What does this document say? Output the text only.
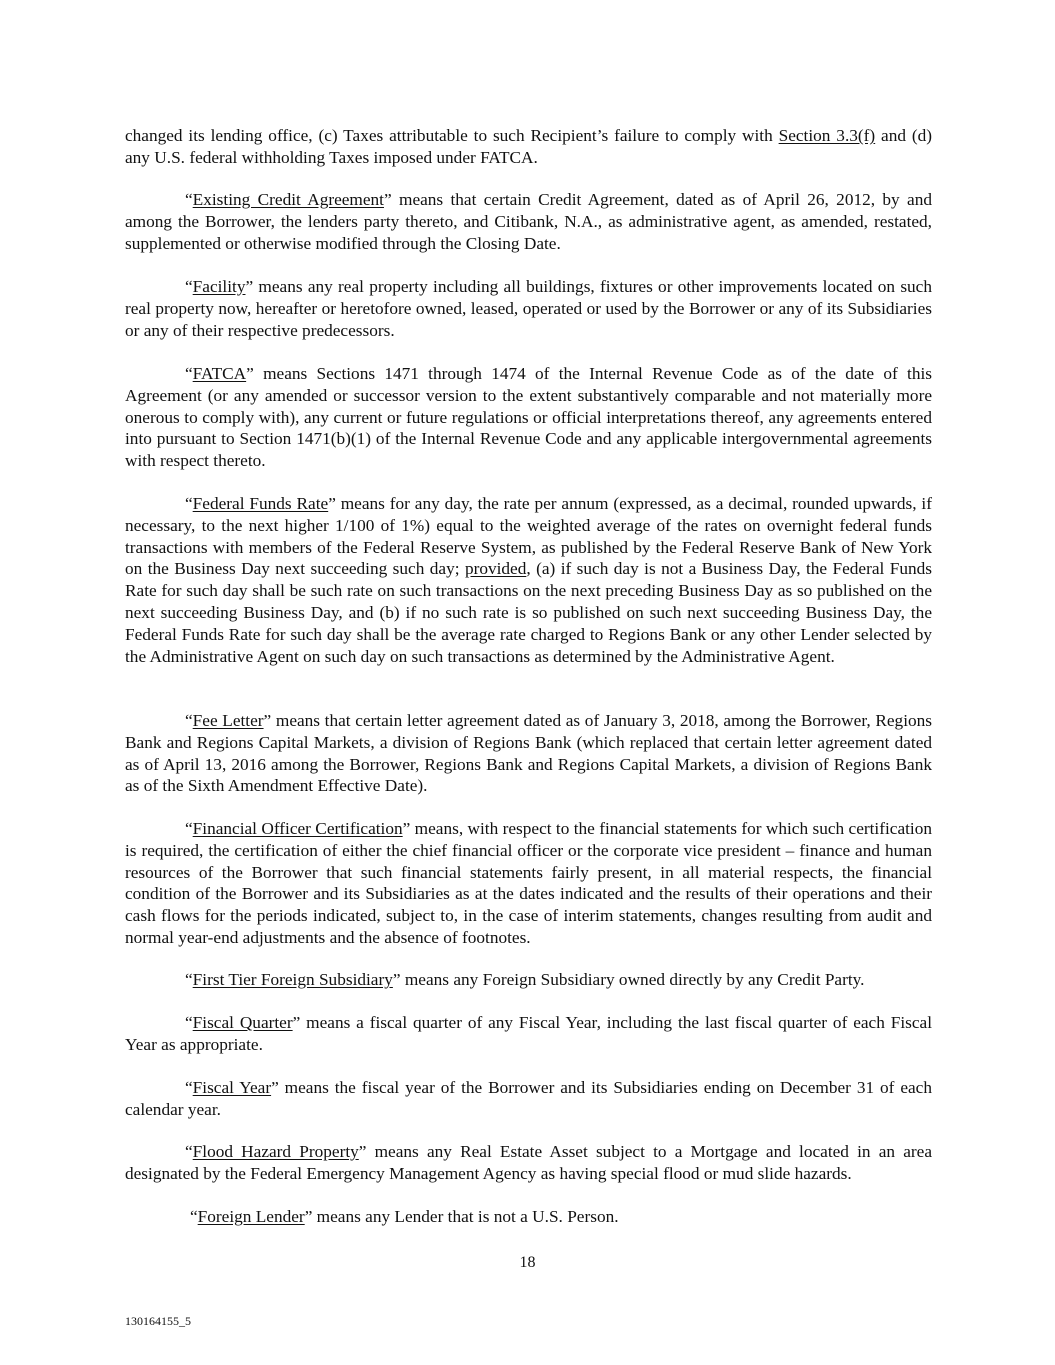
changed its lending office, (c) Taxes attributable to such Recipient’s failure to comply with Section 3.3(f) and (d) any U.S. federal withholding Taxes imposed under FATCA.

“Existing Credit Agreement” means that certain Credit Agreement, dated as of April 26, 2012, by and among the Borrower, the lenders party thereto, and Citibank, N.A., as administrative agent, as amended, restated, supplemented or otherwise modified through the Closing Date.

“Facility” means any real property including all buildings, fixtures or other improvements located on such real property now, hereafter or heretofore owned, leased, operated or used by the Borrower or any of its Subsidiaries or any of their respective predecessors.

“FATCA” means Sections 1471 through 1474 of the Internal Revenue Code as of the date of this Agreement (or any amended or successor version to the extent substantively comparable and not materially more onerous to comply with), any current or future regulations or official interpretations thereof, any agreements entered into pursuant to Section 1471(b)(1) of the Internal Revenue Code and any applicable intergovernmental agreements with respect thereto.

“Federal Funds Rate” means for any day, the rate per annum (expressed, as a decimal, rounded upwards, if necessary, to the next higher 1/100 of 1%) equal to the weighted average of the rates on overnight federal funds transactions with members of the Federal Reserve System, as published by the Federal Reserve Bank of New York on the Business Day next succeeding such day; provided, (a) if such day is not a Business Day, the Federal Funds Rate for such day shall be such rate on such transactions on the next preceding Business Day as so published on the next succeeding Business Day, and (b) if no such rate is so published on such next succeeding Business Day, the Federal Funds Rate for such day shall be the average rate charged to Regions Bank or any other Lender selected by the Administrative Agent on such day on such transactions as determined by the Administrative Agent.

“Fee Letter” means that certain letter agreement dated as of January 3, 2018, among the Borrower, Regions Bank and Regions Capital Markets, a division of Regions Bank (which replaced that certain letter agreement dated as of April 13, 2016 among the Borrower, Regions Bank and Regions Capital Markets, a division of Regions Bank as of the Sixth Amendment Effective Date).

“Financial Officer Certification” means, with respect to the financial statements for which such certification is required, the certification of either the chief financial officer or the corporate vice president – finance and human resources of the Borrower that such financial statements fairly present, in all material respects, the financial condition of the Borrower and its Subsidiaries as at the dates indicated and the results of their operations and their cash flows for the periods indicated, subject to, in the case of interim statements, changes resulting from audit and normal year-end adjustments and the absence of footnotes.

“First Tier Foreign Subsidiary” means any Foreign Subsidiary owned directly by any Credit Party.

“Fiscal Quarter” means a fiscal quarter of any Fiscal Year, including the last fiscal quarter of each Fiscal Year as appropriate.

“Fiscal Year” means the fiscal year of the Borrower and its Subsidiaries ending on December 31 of each calendar year.

“Flood Hazard Property” means any Real Estate Asset subject to a Mortgage and located in an area designated by the Federal Emergency Management Agency as having special flood or mud slide hazards.

“Foreign Lender” means any Lender that is not a U.S. Person.

18
130164155_5
